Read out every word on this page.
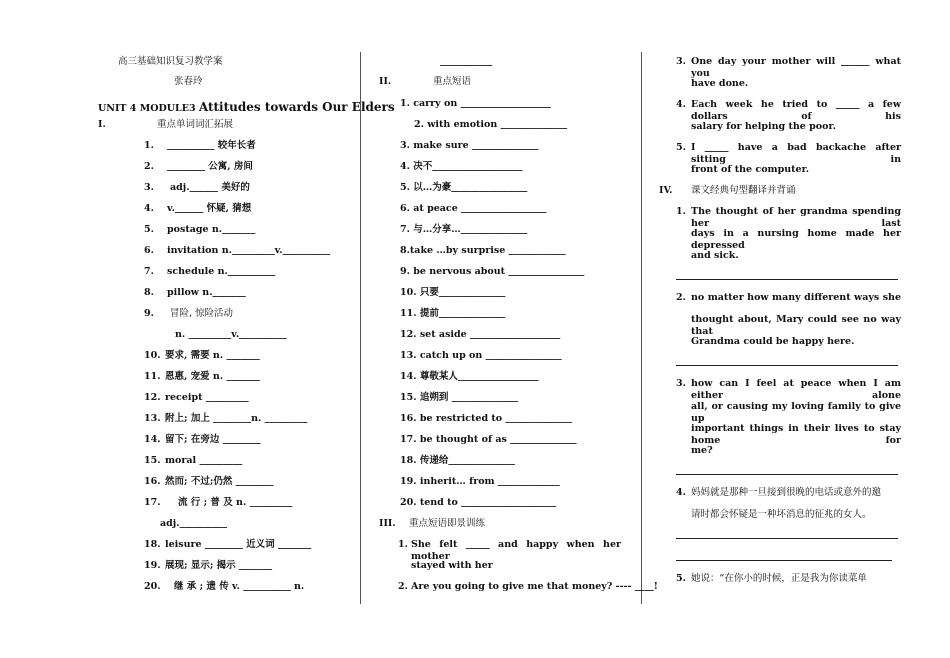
高三基础知识复习教学案
张春玲
UNIT 4 MODULE3 Attitudes towards Our Elders
I.	重点单词词汇拓展
1. __________ 较年长者
2. ________ 公寓, 房间
3. adj.______ 美好的
4. v.______ 怀疑, 猜想
5. postage n._______
6. invitation n._________v.__________
7. schedule n.__________
8. pillow n._______
9. 冒险, 惊险活动
n. _________v.__________
10. 要求, 需要 n. _______
11. 恩惠, 宠爱 n. _______
12. receipt _________
13. 附上; 加上 ________n. _________
14. 留下; 在旁边 ________
15. moral _________
16. 然而; 不过;仍然 ________
17. 流 行 ; 普 及 n. _________
adj.__________
18. leisure ________ 近义词 _______
19. 展现; 显示; 揭示 _______
20. 继 承 ; 遗 传 v. __________ n.
___________
II.	重点短语
1. carry on ___________________
2. with emotion ______________
3. make sure ______________
4. 决不___________________
5. 以…为豪________________
6. at peace __________________
7. 与…分享…______________
8.take …by surprise ____________
9. be nervous about ________________
10. 只要______________
11. 提前______________
12. set aside ___________________
13. catch up on ________________
14. 尊敬某人_________________
15. 追朔到 ______________
16. be restricted to ______________
17. be thought of as ______________
18. 传递给______________
19. inherit… from _____________
20. tend to ____________________
III. 重点短语即景训练
1. She felt _____ and happy when her mother
stayed with her
2. Are you going to give me that money? ---- ____!
3. One day your mother will ______ what you
have done.
4. Each week he tried to _____ a few dollars of his
salary for helping the poor.
5. I _____ have a bad backache after sitting in
front of the computer.
IV. 课文经典句型翻译并背诵
1. The thought of her grandma spending her last
days in a nursing home made her depressed
and sick.
2. no matter how many different ways she
thought about, Mary could see no way that
Grandma could be happy here.
3. how can I feel at peace when I am either alone
all, or causing my loving family to give up
important things in their lives to stay home for
me?
4. 妈妈就是那种一旦接到很晚的电话或意外的邀
请时都会怀疑是一种坏消息的征兆的女人。
5. 她说：“在你小的时候，正是我为你读菜单
